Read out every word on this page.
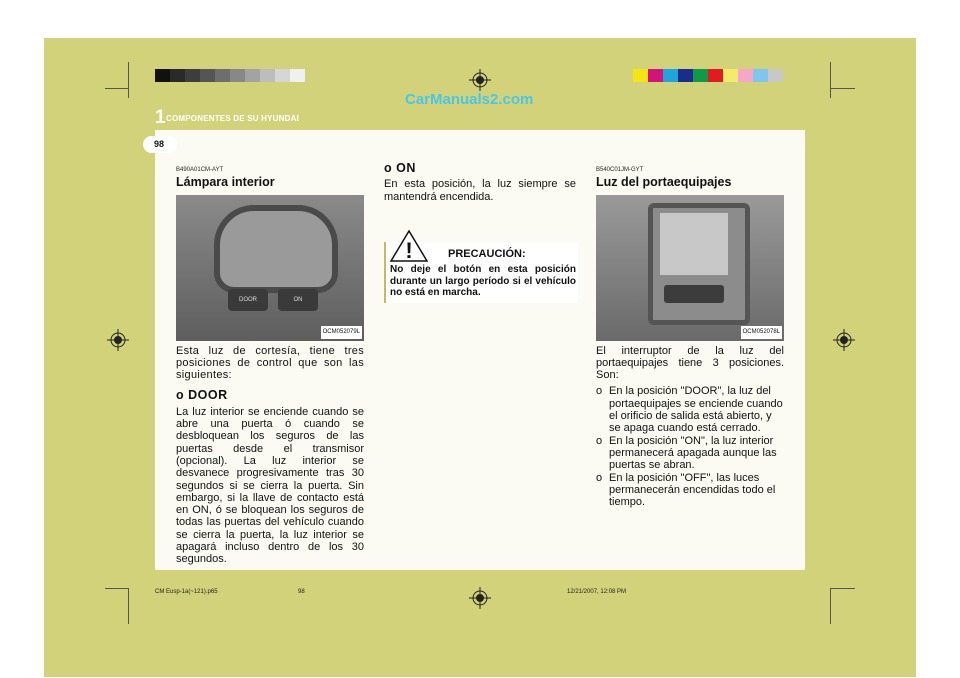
CarManuals2.com
1 COMPONENTES DE SU HYUNDAI
98

B490A01CM-AYT

Lámpara interior

DOOR	ON
OCM052079L

Esta luz de cortesía, tiene tres posiciones de control que son las siguientes:

o DOOR

La luz interior se enciende cuando se abre una puerta ó cuando se desbloquean los seguros de las puertas desde el transmisor (opcional). La luz interior se desvanece progresivamente tras 30 segundos si se cierra la puerta. Sin embargo, si la llave de contacto está en ON, ó se bloquean los seguros de todas las puertas del vehículo cuando se cierra la puerta, la luz interior se apagará incluso dentro de los 30 segundos.

o ON

En esta posición, la luz siempre se mantendrá encendida.

!	PRECAUCIÓN:
No deje el botón en esta posición durante un largo período si el vehículo no está en marcha.

B540C01JM-GYT

Luz del portaequipajes

OCM052078L

El interruptor de la luz del portaequipajes tiene 3 posiciones. Son:

o En la posición "DOOR", la luz del portaequipajes se enciende cuando el orificio de salida está abierto, y se apaga cuando está cerrado.
o En la posición "ON", la luz interior permanecerá apagada aunque las puertas se abran.
o En la posición "OFF", las luces permanecerán encendidas todo el tiempo.
CM Eusp-1a(~121).p65	98	12/21/2007, 12:08 PM
